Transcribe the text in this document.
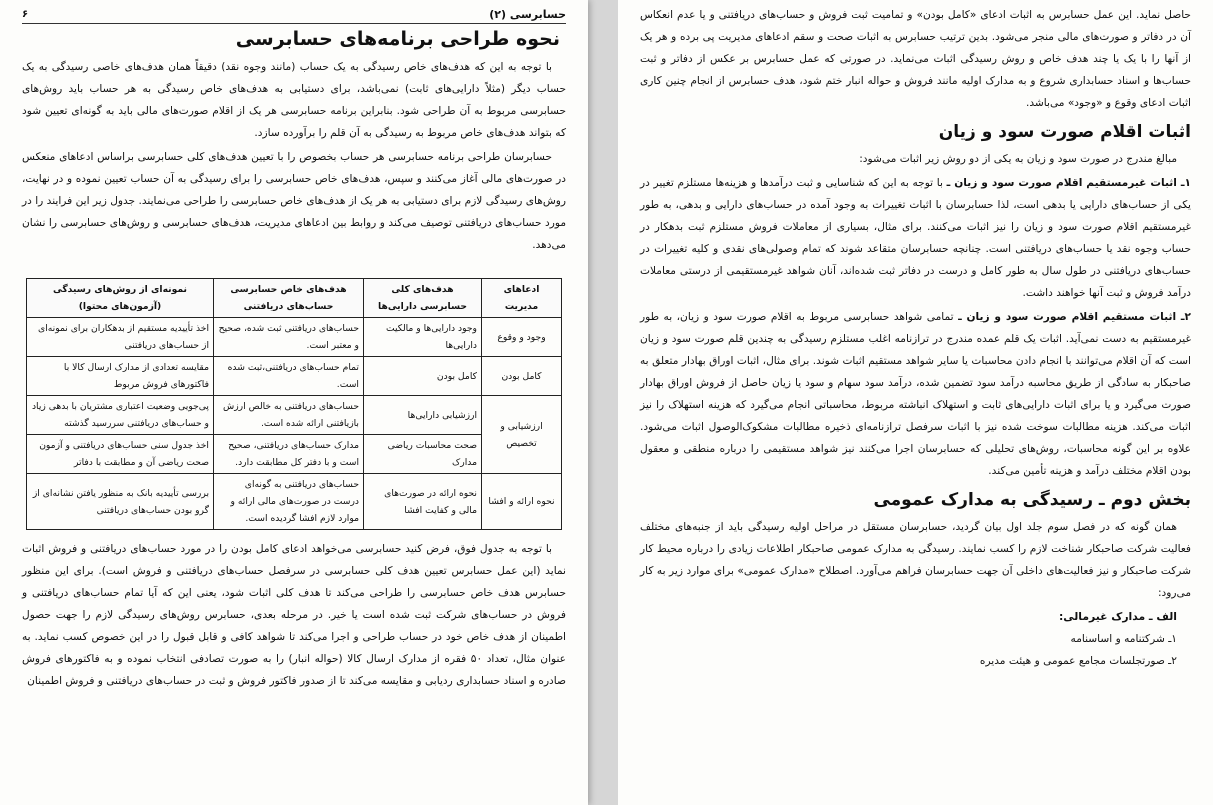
حسابرسی (۲)
۶
نحوه طراحی برنامه‌های حسابرسی

با توجه به این که هدف‌های خاص رسیدگی به یک حساب (مانند وجوه نقد) دقیقاً همان هدف‌های خاصی رسیدگی به یک حساب دیگر (مثلاً دارایی‌های ثابت) نمی‌باشد، برای دستیابی به هدف‌های خاص رسیدگی به هر حساب باید روش‌های حسابرسی مربوط به آن طراحی شود. بنابراین برنامه حسابرسی هر یک از اقلام صورت‌های مالی باید به گونه‌ای تعیین شود که بتواند هدف‌های خاص مربوط به رسیدگی به آن قلم را برآورده سازد.

حسابرسان طراحی برنامه حسابرسی هر حساب بخصوص را با تعیین هدف‌های کلی حسابرسی براساس ادعاهای منعکس در صورت‌های مالی آغاز می‌کنند و سپس، هدف‌های خاص حسابرسی را برای رسیدگی به آن حساب تعیین نموده و در نهایت، روش‌های رسیدگی لازم برای دستیابی به هر یک از هدف‌های خاص حسابرسی را طراحی می‌نمایند. جدول زیر این فرایند را در مورد حساب‌های دریافتنی توصیف می‌کند و روابط بین ادعاهای مدیریت، هدف‌های حسابرسی و روش‌های حسابرسی را نشان می‌دهد.

ادعاهای مدیریت	هدف‌های کلی حسابرسی دارایی‌ها	هدف‌های خاص حسابرسی حساب‌های دریافتنی	نمونه‌ای از روش‌های رسیدگی (آزمون‌های محتوا)
وجود و وقوع	وجود دارایی‌ها و مالکیت دارایی‌ها	حساب‌های دریافتنی ثبت شده، صحیح و معتبر است.	اخذ تأییدیه مستقیم از بدهکاران برای نمونه‌ای از حساب‌های دریافتنی
کامل بودن	کامل بودن	تمام حساب‌های دریافتنی،ثبت شده است.	مقایسه تعدادی از مدارک ارسال کالا با فاکتورهای فروش مربوط
ارزشیابی و تخصیص	ارزشیابی دارایی‌ها	حساب‌های دریافتنی به خالص ارزش بازیافتنی ارائه شده است.	پی‌جویی وضعیت اعتباری مشتریان با بدهی زیاد و حساب‌های دریافتنی سررسید گذشته
	صحت محاسبات ریاضی مدارک	مدارک حساب‌های دریافتنی، صحیح است و با دفتر کل مطابقت دارد.	اخذ جدول سنی حساب‌های دریافتنی و آزمون صحت ریاضی آن و مطابقت با دفاتر
نحوه ارائه و افشا	نحوه ارائه در صورت‌های مالی و کفایت افشا	حساب‌های دریافتنی به گونه‌ای درست در صورت‌های مالی ارائه و موارد لازم افشا گردیده است.	بررسی تأییدیه بانک به منظور یافتن نشانه‌ای از گرو بودن حساب‌های دریافتنی

با توجه به جدول فوق، فرض کنید حسابرسی می‌خواهد ادعای کامل بودن را در مورد حساب‌های دریافتنی و فروش اثبات نماید (این عمل حسابرس تعیین هدف کلی حسابرسی در سرفصل حساب‌های دریافتنی و فروش است). برای این منظور حسابرس هدف خاص حسابرسی را طراحی می‌کند تا هدف کلی اثبات شود، یعنی این که آیا تمام حساب‌های دریافتنی و فروش در حساب‌های شرکت ثبت شده است یا خیر. در مرحله بعدی، حسابرس روش‌های رسیدگی لازم را جهت حصول اطمینان از هدف خاص خود در حساب طراحی و اجرا می‌کند تا شواهد کافی و قابل قبول را در این خصوص کسب نماید. به عنوان مثال، تعداد ۵۰ فقره از مدارک ارسال کالا (حواله انبار) را به صورت تصادفی انتخاب نموده و به فاکتورهای فروش صادره و اسناد حسابداری ردیابی و مقایسه می‌کند تا از صدور فاکتور فروش و ثبت در حساب‌های دریافتنی و فروش اطمینان

حاصل نماید. این عمل حسابرس به اثبات ادعای «کامل بودن» و تمامیت ثبت فروش و حساب‌های دریافتنی و یا عدم انعکاس آن در دفاتر و صورت‌های مالی منجر می‌شود. بدین ترتیب حسابرس به اثبات صحت و سقم ادعاهای مدیریت پی برده و هر یک از آنها را با یک یا چند هدف خاص و روش رسیدگی اثبات می‌نماید. در صورتی که عمل حسابرس بر عکس از دفاتر و ثبت حساب‌ها و اسناد حسابداری شروع و به مدارک اولیه مانند فروش و حواله انبار ختم شود، هدف حسابرس از انجام چنین کاری اثبات ادعای وقوع و «وجود» می‌باشد.

اثبات اقلام صورت سود و زیان

مبالغ مندرج در صورت سود و زیان به یکی از دو روش زیر اثبات می‌شود:

۱ـ اثبات غیرمستقیم اقلام صورت سود و زیان ـ با توجه به این که شناسایی و ثبت درآمدها و هزینه‌ها مستلزم تغییر در یکی از حساب‌های دارایی یا بدهی است، لذا حسابرسان با اثبات تغییرات به وجود آمده در حساب‌های دارایی و بدهی، به طور غیرمستقیم اقلام صورت سود و زیان را نیز اثبات می‌کنند. برای مثال، بسیاری از معاملات فروش مستلزم ثبت بدهکار در حساب وجوه نقد یا حساب‌های دریافتنی است. چنانچه حسابرسان متقاعد شوند که تمام وصولی‌های نقدی و کلیه تغییرات در حساب‌های دریافتنی در طول سال به طور کامل و درست در دفاتر ثبت شده‌اند، آنان شواهد غیرمستقیمی از درستی معاملات درآمد فروش و ثبت آنها خواهند داشت.

۲ـ اثبات مستقیم اقلام صورت سود و زیان ـ تمامی شواهد حسابرسی مربوط به اقلام صورت سود و زیان، به طور غیرمستقیم به دست نمی‌آید. اثبات یک قلم عمده مندرج در ترازنامه اغلب مستلزم رسیدگی به چندین قلم صورت سود و زیان است که آن اقلام می‌توانند با انجام دادن محاسبات یا سایر شواهد مستقیم اثبات شوند. برای مثال، اثبات اوراق بهادار متعلق به صاحبکار به سادگی از طریق محاسبه درآمد سود تضمین شده، درآمد سود سهام و سود یا زیان حاصل از فروش اوراق بهادار صورت می‌گیرد و یا برای اثبات دارایی‌های ثابت و استهلاک انباشته مربوط، محاسباتی انجام می‌گیرد که هزینه استهلاک را نیز اثبات می‌کند. هزینه مطالبات سوخت شده نیز با اثبات سرفصل ترازنامه‌ای ذخیره مطالبات مشکوک‌الوصول اثبات می‌شود. علاوه بر این گونه محاسبات، روش‌های تحلیلی که حسابرسان اجرا می‌کنند نیز شواهد مستقیمی را درباره منطقی و معقول بودن اقلام مختلف درآمد و هزینه تأمین می‌کند.

بخش دوم ـ رسیدگی به مدارک عمومی

همان گونه که در فصل سوم جلد اول بیان گردید، حسابرسان مستقل در مراحل اولیه رسیدگی باید از جنبه‌های مختلف فعالیت شرکت صاحبکار شناخت لازم را کسب نمایند. رسیدگی به مدارک عمومی صاحبکار اطلاعات زیادی را درباره محیط کار شرکت صاحبکار و نیز فعالیت‌های داخلی آن جهت حسابرسان فراهم می‌آورد. اصطلاح «مدارک عمومی» برای موارد زیر به کار می‌رود:

الف ـ مدارک غیرمالی:
۱ـ شرکتنامه و اساسنامه
۲ـ صورتجلسات مجامع عمومی و هیئت مدیره
